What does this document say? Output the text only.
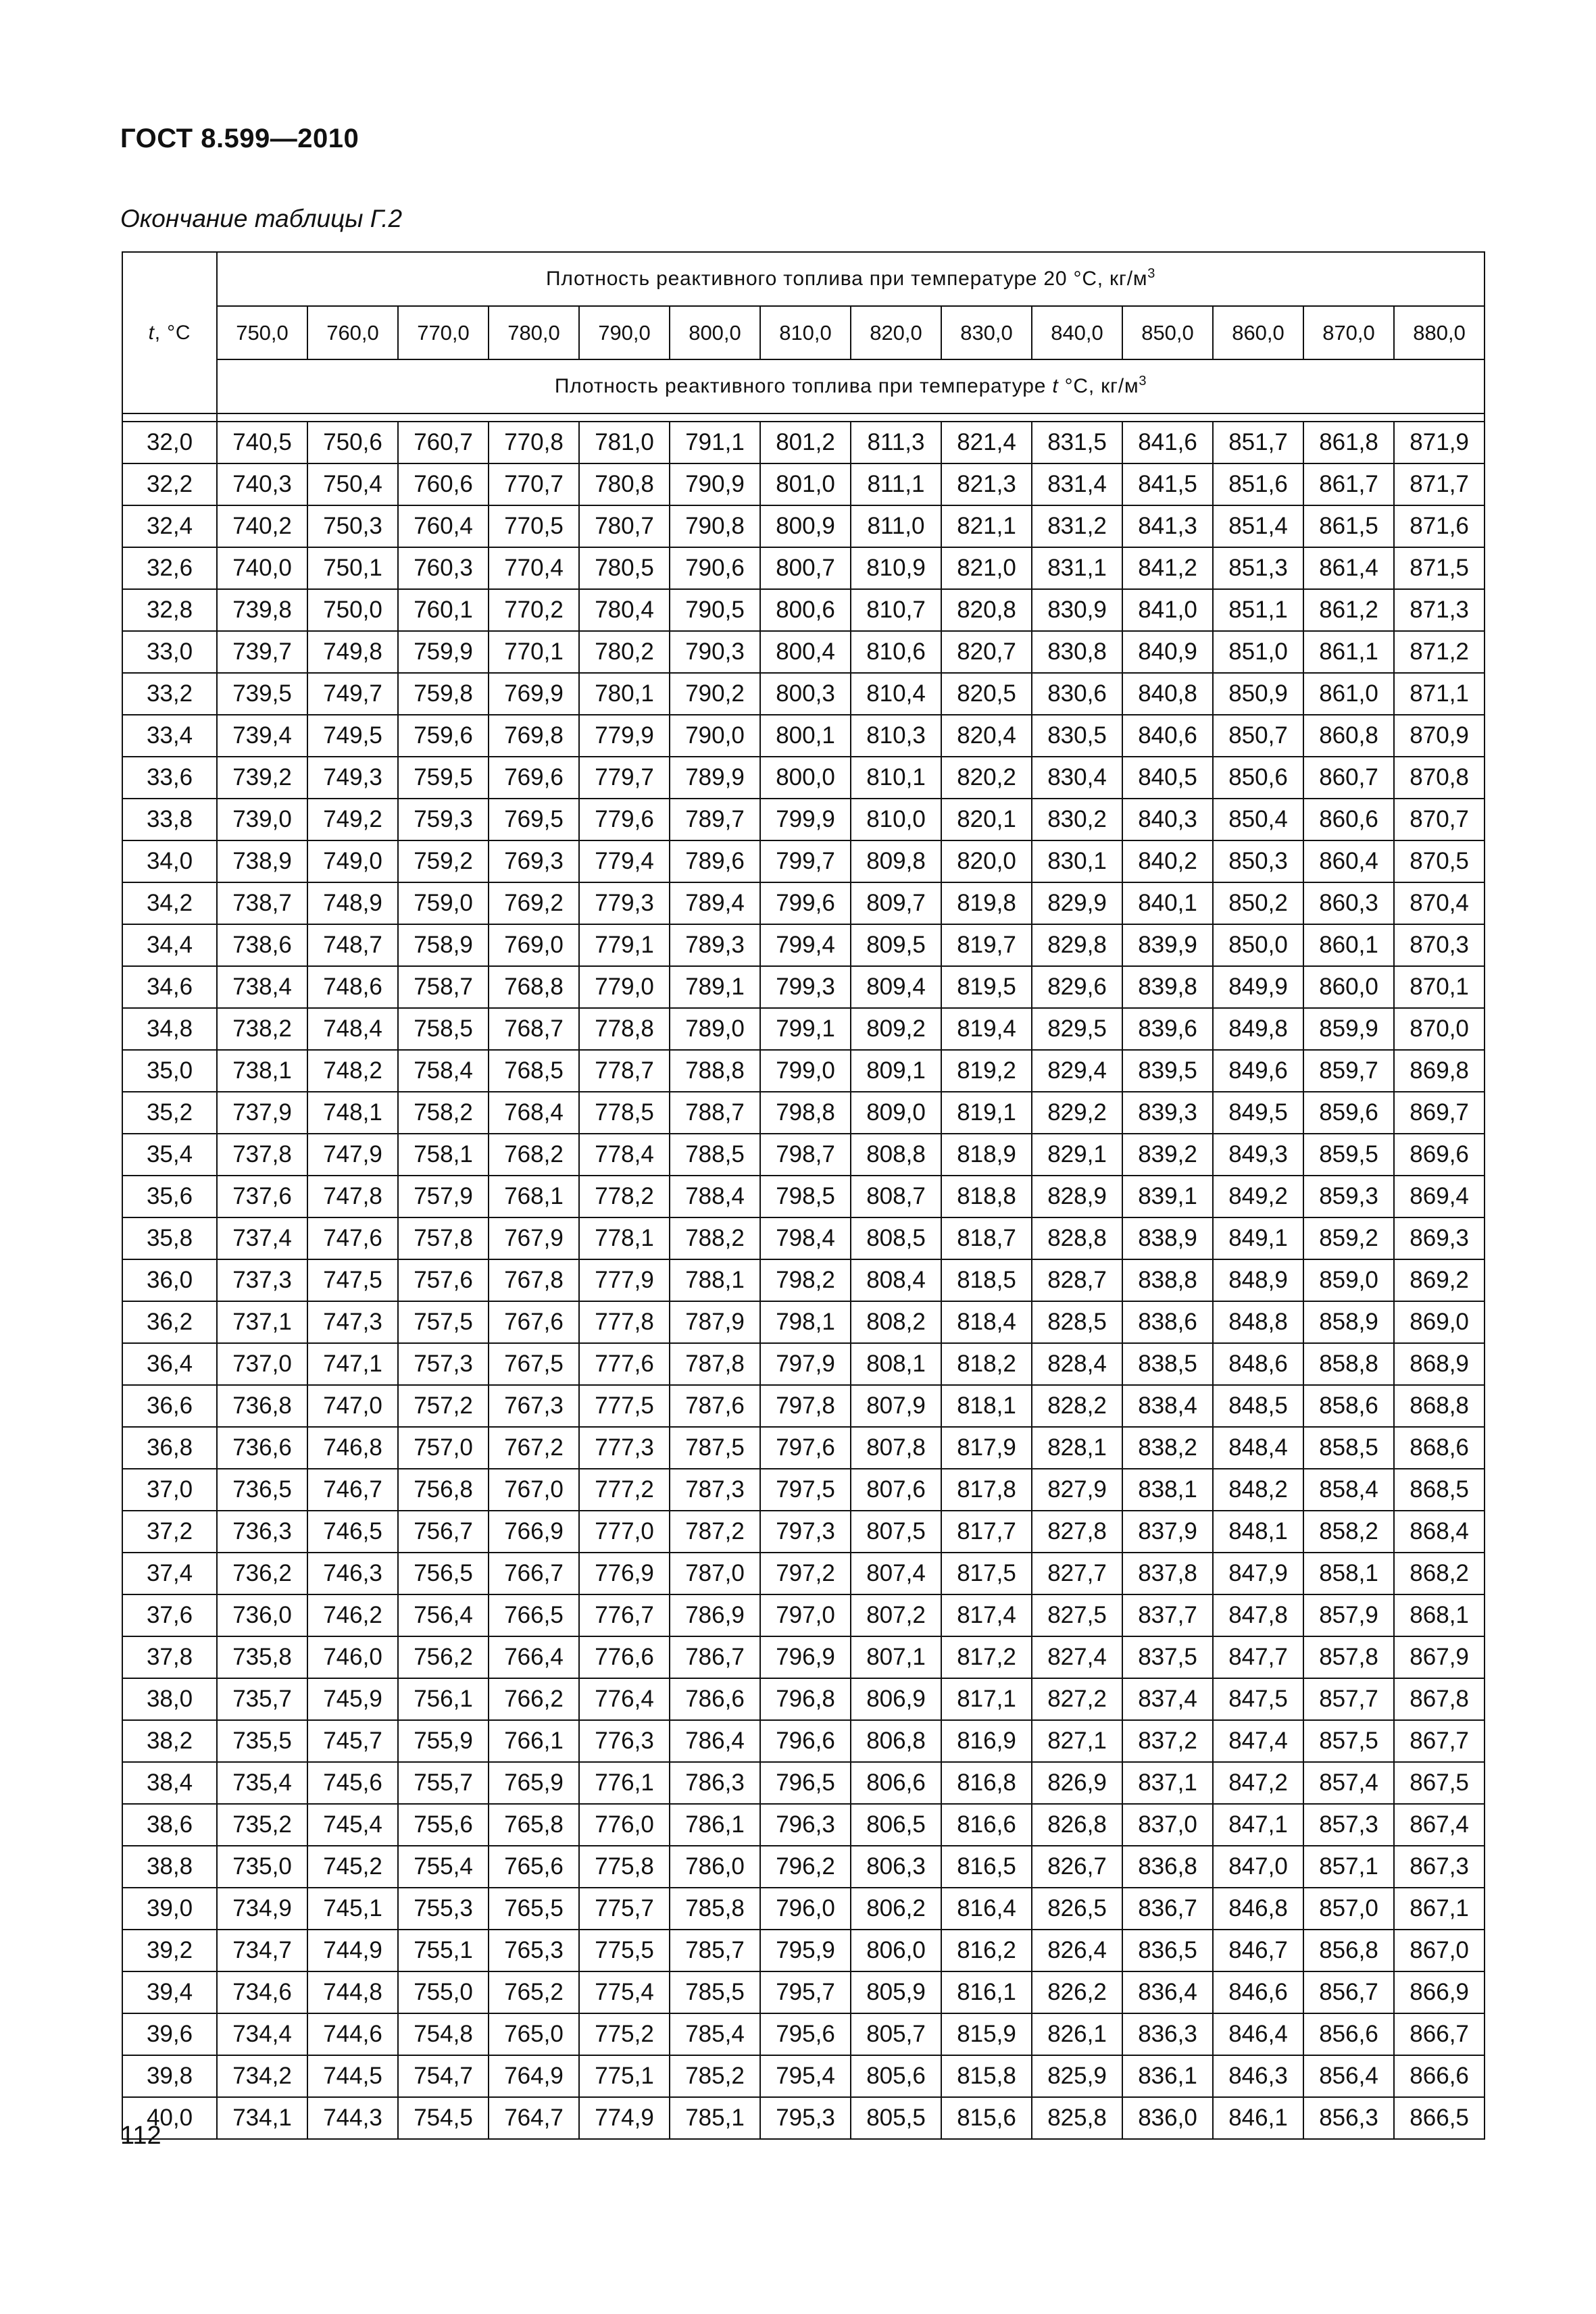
ГОСТ 8.599—2010
Окончание таблицы Г.2
t, °C	Плотность реактивного топлива при температуре 20 °C, $кг/м^3$
	750,0	760,0	770,0	780,0	790,0	800,0	810,0	820,0	830,0	840,0	850,0	860,0	870,0	880,0
	Плотность реактивного топлива при температуре t °C, $кг/м^3$

32,0	740,5	750,6	760,7	770,8	781,0	791,1	801,2	811,3	821,4	831,5	841,6	851,7	861,8	871,9
32,2	740,3	750,4	760,6	770,7	780,8	790,9	801,0	811,1	821,3	831,4	841,5	851,6	861,7	871,7
32,4	740,2	750,3	760,4	770,5	780,7	790,8	800,9	811,0	821,1	831,2	841,3	851,4	861,5	871,6
32,6	740,0	750,1	760,3	770,4	780,5	790,6	800,7	810,9	821,0	831,1	841,2	851,3	861,4	871,5
32,8	739,8	750,0	760,1	770,2	780,4	790,5	800,6	810,7	820,8	830,9	841,0	851,1	861,2	871,3
33,0	739,7	749,8	759,9	770,1	780,2	790,3	800,4	810,6	820,7	830,8	840,9	851,0	861,1	871,2
33,2	739,5	749,7	759,8	769,9	780,1	790,2	800,3	810,4	820,5	830,6	840,8	850,9	861,0	871,1
33,4	739,4	749,5	759,6	769,8	779,9	790,0	800,1	810,3	820,4	830,5	840,6	850,7	860,8	870,9
33,6	739,2	749,3	759,5	769,6	779,7	789,9	800,0	810,1	820,2	830,4	840,5	850,6	860,7	870,8
33,8	739,0	749,2	759,3	769,5	779,6	789,7	799,9	810,0	820,1	830,2	840,3	850,4	860,6	870,7
34,0	738,9	749,0	759,2	769,3	779,4	789,6	799,7	809,8	820,0	830,1	840,2	850,3	860,4	870,5
34,2	738,7	748,9	759,0	769,2	779,3	789,4	799,6	809,7	819,8	829,9	840,1	850,2	860,3	870,4
34,4	738,6	748,7	758,9	769,0	779,1	789,3	799,4	809,5	819,7	829,8	839,9	850,0	860,1	870,3
34,6	738,4	748,6	758,7	768,8	779,0	789,1	799,3	809,4	819,5	829,6	839,8	849,9	860,0	870,1
34,8	738,2	748,4	758,5	768,7	778,8	789,0	799,1	809,2	819,4	829,5	839,6	849,8	859,9	870,0
35,0	738,1	748,2	758,4	768,5	778,7	788,8	799,0	809,1	819,2	829,4	839,5	849,6	859,7	869,8
35,2	737,9	748,1	758,2	768,4	778,5	788,7	798,8	809,0	819,1	829,2	839,3	849,5	859,6	869,7
35,4	737,8	747,9	758,1	768,2	778,4	788,5	798,7	808,8	818,9	829,1	839,2	849,3	859,5	869,6
35,6	737,6	747,8	757,9	768,1	778,2	788,4	798,5	808,7	818,8	828,9	839,1	849,2	859,3	869,4
35,8	737,4	747,6	757,8	767,9	778,1	788,2	798,4	808,5	818,7	828,8	838,9	849,1	859,2	869,3
36,0	737,3	747,5	757,6	767,8	777,9	788,1	798,2	808,4	818,5	828,7	838,8	848,9	859,0	869,2
36,2	737,1	747,3	757,5	767,6	777,8	787,9	798,1	808,2	818,4	828,5	838,6	848,8	858,9	869,0
36,4	737,0	747,1	757,3	767,5	777,6	787,8	797,9	808,1	818,2	828,4	838,5	848,6	858,8	868,9
36,6	736,8	747,0	757,2	767,3	777,5	787,6	797,8	807,9	818,1	828,2	838,4	848,5	858,6	868,8
36,8	736,6	746,8	757,0	767,2	777,3	787,5	797,6	807,8	817,9	828,1	838,2	848,4	858,5	868,6
37,0	736,5	746,7	756,8	767,0	777,2	787,3	797,5	807,6	817,8	827,9	838,1	848,2	858,4	868,5
37,2	736,3	746,5	756,7	766,9	777,0	787,2	797,3	807,5	817,7	827,8	837,9	848,1	858,2	868,4
37,4	736,2	746,3	756,5	766,7	776,9	787,0	797,2	807,4	817,5	827,7	837,8	847,9	858,1	868,2
37,6	736,0	746,2	756,4	766,5	776,7	786,9	797,0	807,2	817,4	827,5	837,7	847,8	857,9	868,1
37,8	735,8	746,0	756,2	766,4	776,6	786,7	796,9	807,1	817,2	827,4	837,5	847,7	857,8	867,9
38,0	735,7	745,9	756,1	766,2	776,4	786,6	796,8	806,9	817,1	827,2	837,4	847,5	857,7	867,8
38,2	735,5	745,7	755,9	766,1	776,3	786,4	796,6	806,8	816,9	827,1	837,2	847,4	857,5	867,7
38,4	735,4	745,6	755,7	765,9	776,1	786,3	796,5	806,6	816,8	826,9	837,1	847,2	857,4	867,5
38,6	735,2	745,4	755,6	765,8	776,0	786,1	796,3	806,5	816,6	826,8	837,0	847,1	857,3	867,4
38,8	735,0	745,2	755,4	765,6	775,8	786,0	796,2	806,3	816,5	826,7	836,8	847,0	857,1	867,3
39,0	734,9	745,1	755,3	765,5	775,7	785,8	796,0	806,2	816,4	826,5	836,7	846,8	857,0	867,1
39,2	734,7	744,9	755,1	765,3	775,5	785,7	795,9	806,0	816,2	826,4	836,5	846,7	856,8	867,0
39,4	734,6	744,8	755,0	765,2	775,4	785,5	795,7	805,9	816,1	826,2	836,4	846,6	856,7	866,9
39,6	734,4	744,6	754,8	765,0	775,2	785,4	795,6	805,7	815,9	826,1	836,3	846,4	856,6	866,7
39,8	734,2	744,5	754,7	764,9	775,1	785,2	795,4	805,6	815,8	825,9	836,1	846,3	856,4	866,6
40,0	734,1	744,3	754,5	764,7	774,9	785,1	795,3	805,5	815,6	825,8	836,0	846,1	856,3	866,5
112
